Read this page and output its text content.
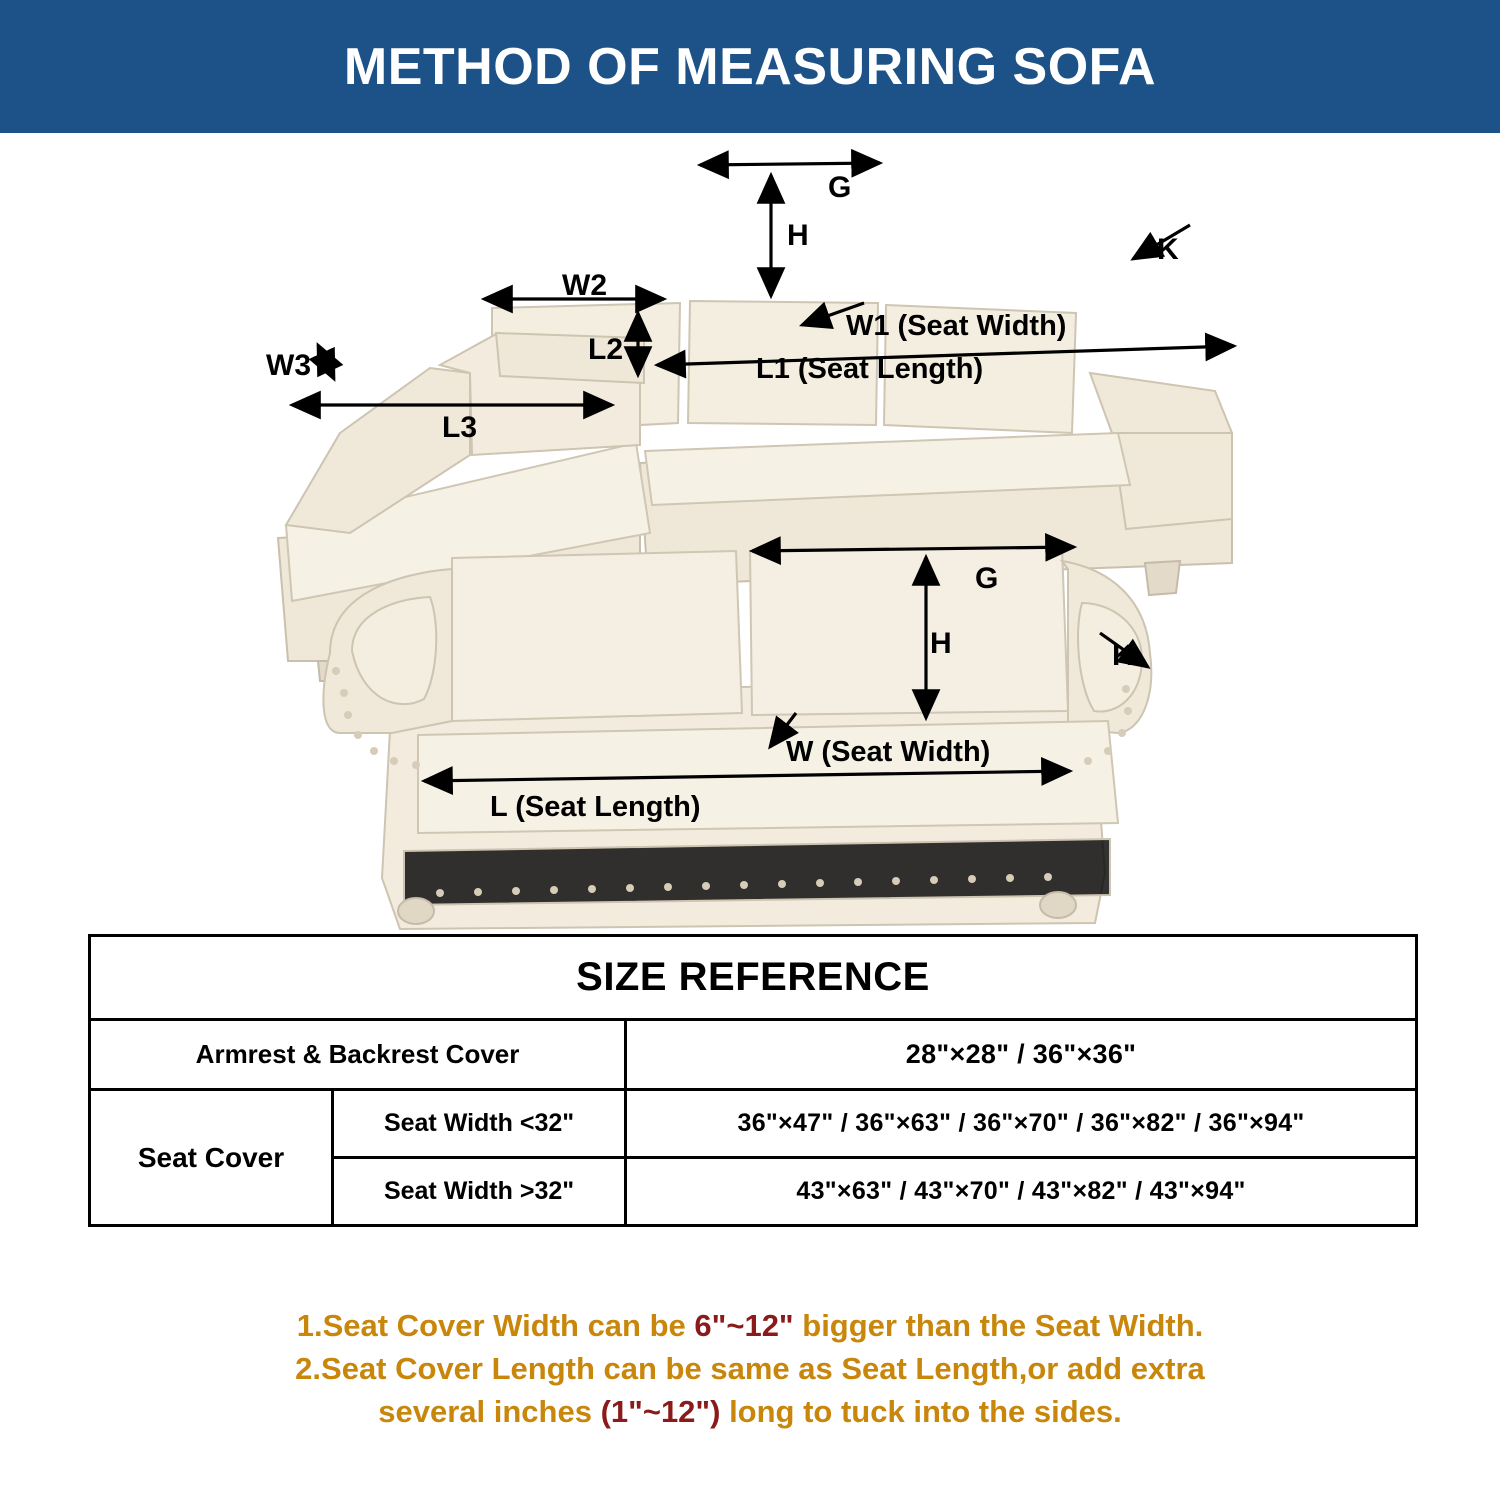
METHOD OF MEASURING SOFA
G
H	K
W1 (Seat Width)
L1 (Seat Length)
W2
L2
W3
L3
G
H	K
W (Seat Width)
L (Seat Length)
SIZE REFERENCE		
Armrest & Backrest Cover		28"×28" / 36"×36"
Seat Cover	Seat Width <32"	36"×47" / 36"×63" / 36"×70" / 36"×82" / 36"×94"
	Seat Width >32"	43"×63" / 43"×70" / 43"×82" / 43"×94"
1.Seat Cover Width can be 6"~12" bigger than the Seat Width.
2.Seat Cover Length can be same as Seat Length,or add extra
several inches (1"~12") long to tuck into the sides.
